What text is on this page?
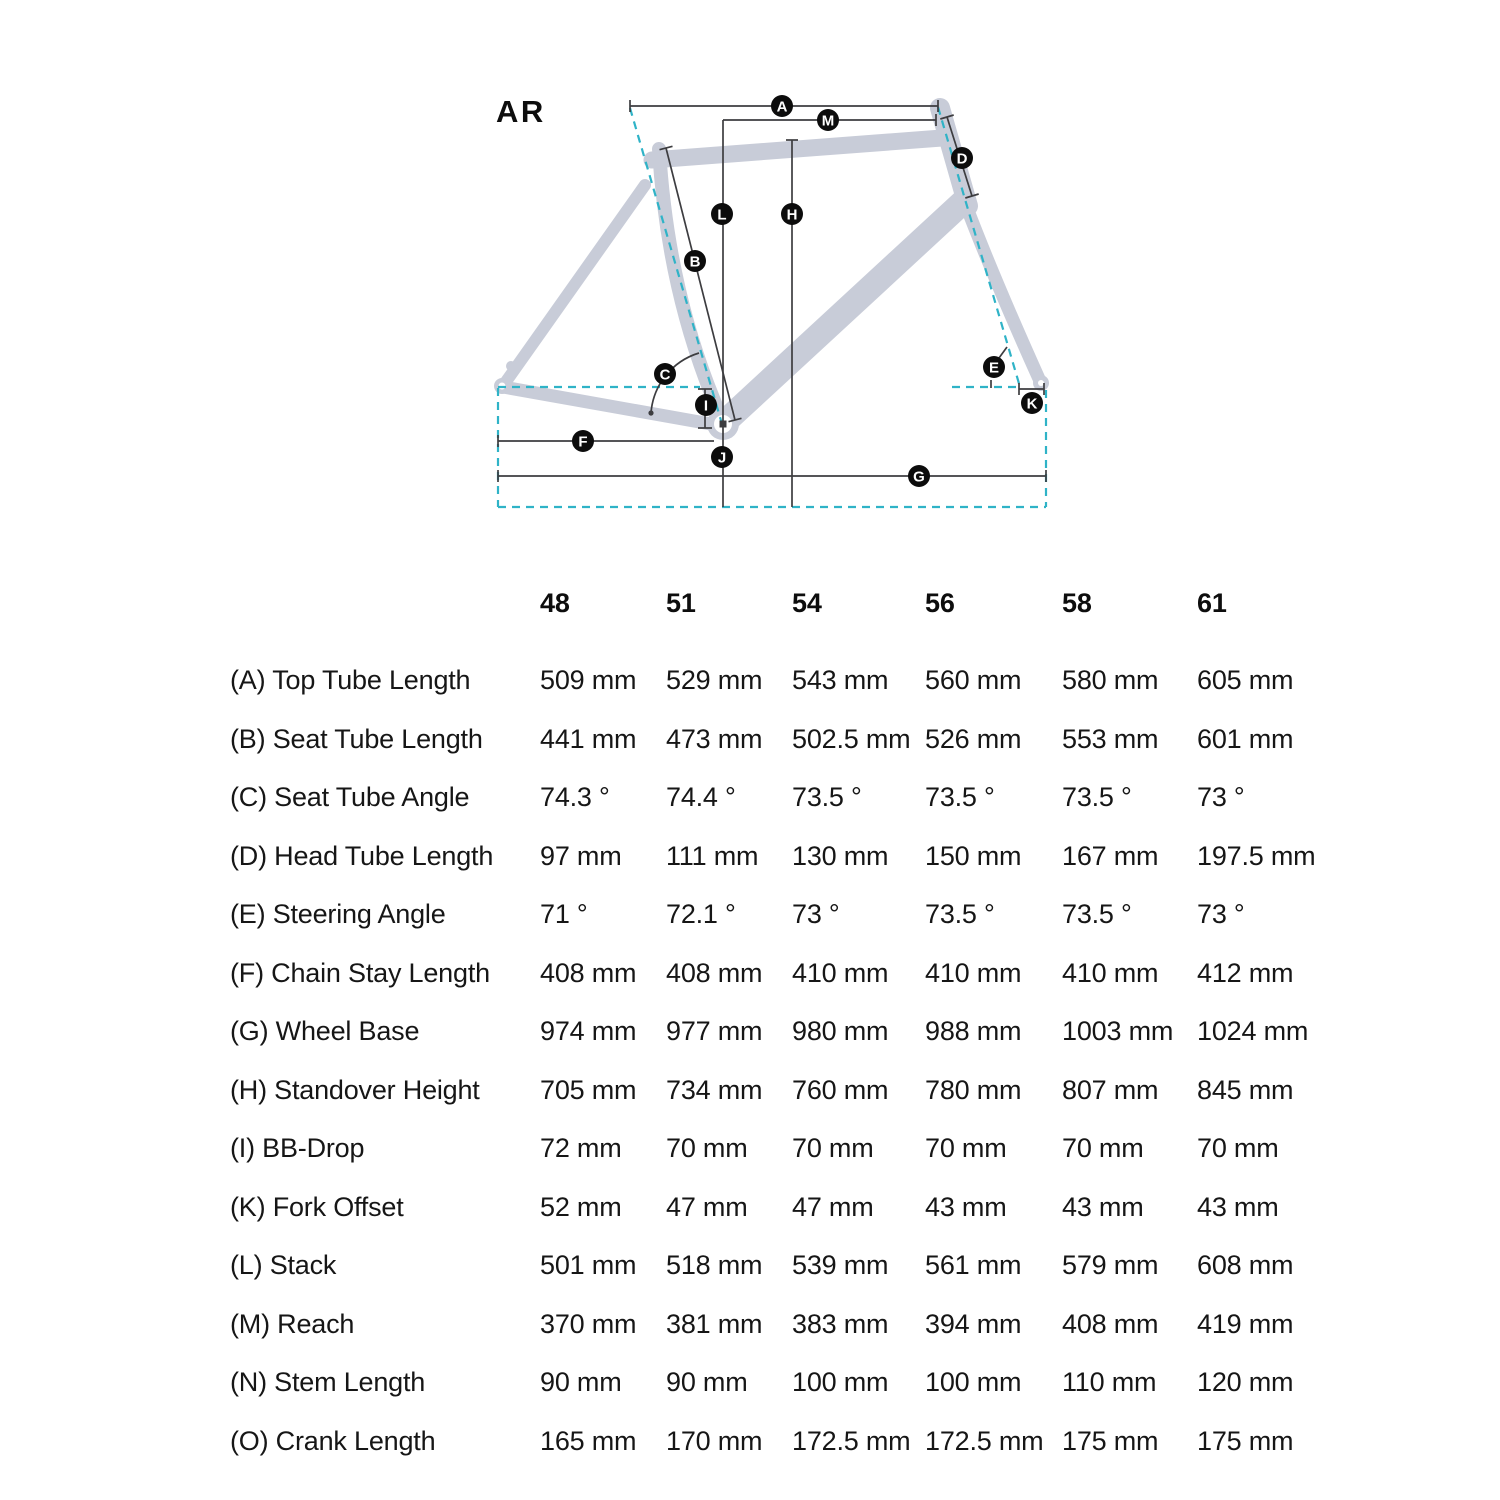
AR	A
M
D
L	H
B
C	E
I	K
F
J
G
48	51	54	56	58	61
(A) Top Tube Length	509 mm	529 mm	543 mm	560 mm	580 mm	605 mm
(B) Seat Tube Length	441 mm	473 mm	502.5 mm 526 mm	553 mm	601 mm
(C) Seat Tube Angle	74.3 °	74.4 °	73.5 °	73.5 °	73.5 °	73 °
(D) Head Tube Length	97 mm	111 mm	130 mm	150 mm	167 mm	197.5 mm
(E) Steering Angle	71 °	72.1 °	73 °	73.5 °	73.5 °	73 °
(F) Chain Stay Length	408 mm	408 mm	410 mm	410 mm	410 mm	412 mm
(G) Wheel Base	974 mm	977 mm	980 mm	988 mm	1003 mm 1024 mm
(H) Standover Height	705 mm	734 mm	760 mm	780 mm	807 mm	845 mm
(I) BB-Drop	72 mm	70 mm	70 mm	70 mm	70 mm	70 mm
(K) Fork Offset	52 mm	47 mm	47 mm	43 mm	43 mm	43 mm
(L) Stack	501 mm	518 mm	539 mm	561 mm	579 mm	608 mm
(M) Reach	370 mm	381 mm	383 mm	394 mm	408 mm	419 mm
(N) Stem Length	90 mm	90 mm	100 mm	100 mm	110 mm	120 mm
(O) Crank Length	165 mm	170 mm	172.5 mm 172.5 mm 175 mm	175 mm
